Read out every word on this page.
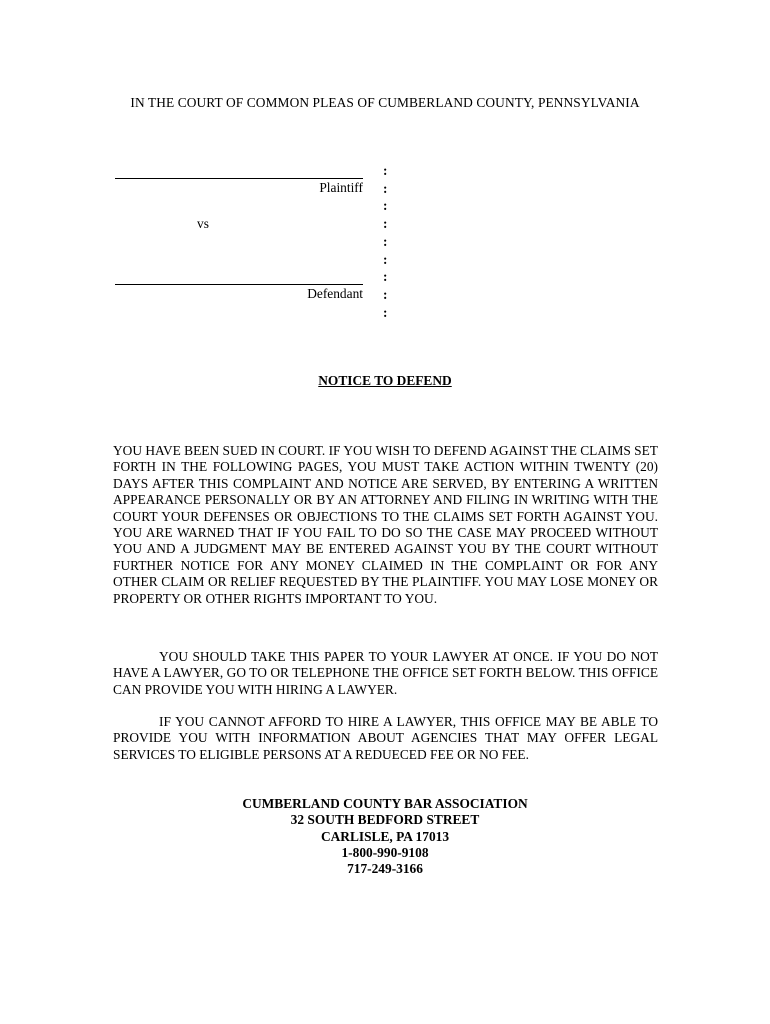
IN THE COURT OF COMMON PLEAS OF CUMBERLAND COUNTY, PENNSYLVANIA
Plaintiff
vs
Defendant
:
:
:
:
:
:
:
:
:
NOTICE TO DEFEND

YOU HAVE BEEN SUED IN COURT. IF YOU WISH TO DEFEND AGAINST THE CLAIMS SET FORTH IN THE FOLLOWING PAGES, YOU MUST TAKE ACTION WITHIN TWENTY (20) DAYS AFTER THIS COMPLAINT AND NOTICE ARE SERVED, BY ENTERING A WRITTEN APPEARANCE PERSONALLY OR BY AN ATTORNEY AND FILING IN WRITING WITH THE COURT YOUR DEFENSES OR OBJECTIONS TO THE CLAIMS SET FORTH AGAINST YOU. YOU ARE WARNED THAT IF YOU FAIL TO DO SO THE CASE MAY PROCEED WITHOUT YOU AND A JUDGMENT MAY BE ENTERED AGAINST YOU BY THE COURT WITHOUT FURTHER NOTICE FOR ANY MONEY CLAIMED IN THE COMPLAINT OR FOR ANY OTHER CLAIM OR RELIEF REQUESTED BY THE PLAINTIFF. YOU MAY LOSE MONEY OR PROPERTY OR OTHER RIGHTS IMPORTANT TO YOU.

YOU SHOULD TAKE THIS PAPER TO YOUR LAWYER AT ONCE. IF YOU DO NOT HAVE A LAWYER, GO TO OR TELEPHONE THE OFFICE SET FORTH BELOW. THIS OFFICE CAN PROVIDE YOU WITH HIRING A LAWYER.

IF YOU CANNOT AFFORD TO HIRE A LAWYER, THIS OFFICE MAY BE ABLE TO PROVIDE YOU WITH INFORMATION ABOUT AGENCIES THAT MAY OFFER LEGAL SERVICES TO ELIGIBLE PERSONS AT A REDUECED FEE OR NO FEE.

CUMBERLAND COUNTY BAR ASSOCIATION
32 SOUTH BEDFORD STREET
CARLISLE, PA 17013
1-800-990-9108
717-249-3166
